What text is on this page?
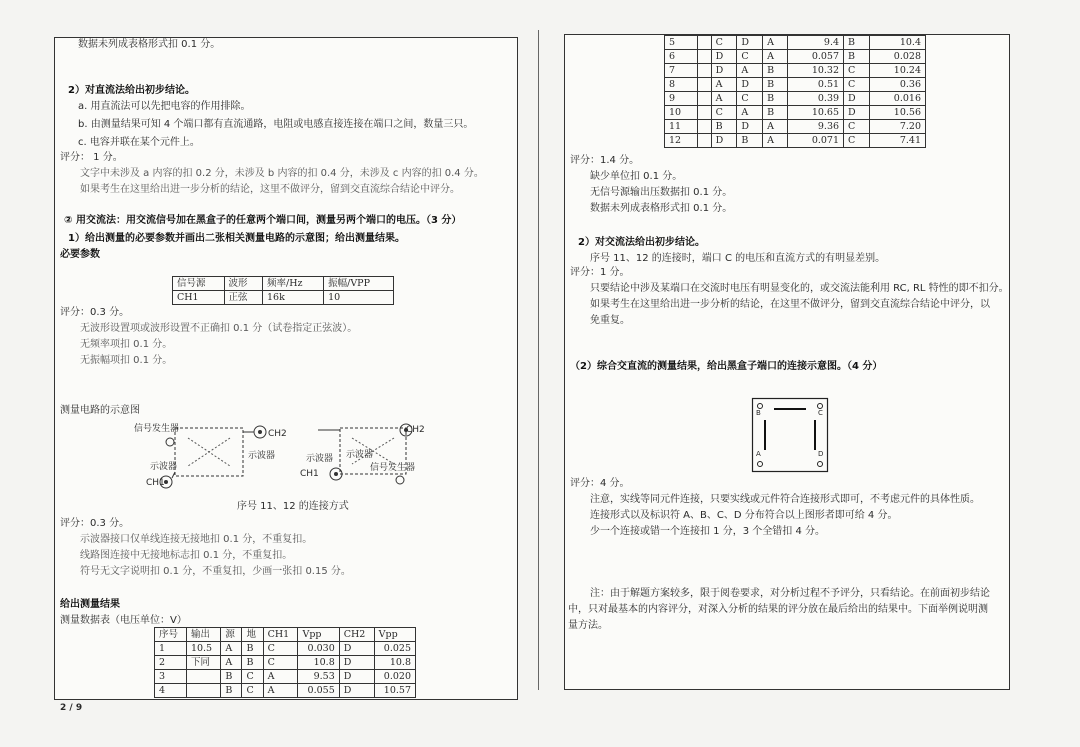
数据未列成表格形式扣 0.1 分。
2）对直流法给出初步结论。
a. 用直流法可以先把电容的作用排除。
b. 由测量结果可知 4 个端口都有直流通路，电阻或电感直接连接在端口之间，数量三只。
c. 电容并联在某个元件上。
评分： 1 分。
文字中未涉及 a 内容的扣 0.2 分，未涉及 b 内容的扣 0.4 分，未涉及 c 内容的扣 0.4 分。
如果考生在这里给出进一步分析的结论，这里不做评分，留到交直流综合结论中评分。
② 用交流法：用交流信号加在黑盒子的任意两个端口间，测量另两个端口的电压。（3 分）
1）给出测量的必要参数并画出二张相关测量电路的示意图；给出测量结果。
必要参数
信号源	波形	频率/Hz	振幅/VPP
CH1	正弦	16k	10
评分：0.3 分。
无波形设置项或波形设置不正确扣 0.1 分（试卷指定正弦波）。
无频率项扣 0.1 分。
无振幅项扣 0.1 分。
测量电路的示意图
信号发生器	CH2
示波器
示波器
CH1
CH2
示波器
信号发生器
示波器
CH1
序号 11、12 的连接方式
评分：0.3 分。
示波器接口仅单线连接无接地扣 0.1 分，不重复扣。
线路图连接中无接地标志扣 0.1 分，不重复扣。
符号无文字说明扣 0.1 分，不重复扣，少画一张扣 0.15 分。
给出测量结果
测量数据表（电压单位：V）
序号	输出	源	地	CH1	Vpp	CH2	Vpp
1	10.5	A	B	C	0.030	D	0.025
2	下同	A	B	C	10.8	D	10.8
3		B	C	A	9.53	D	0.020
4		B	C	A	0.055	D	10.57
2 / 9
5		C	D	A	9.4	B	10.4
6		D	C	A	0.057	B	0.028
7		D	A	B	10.32	C	10.24
8		A	D	B	0.51	C	0.36
9		A	C	B	0.39	D	0.016
10		C	A	B	10.65	D	10.56
11		B	D	A	9.36	C	7.20
12		D	B	A	0.071	C	7.41
评分：1.4 分。
缺少单位扣 0.1 分。
无信号源输出压数据扣 0.1 分。
数据未列成表格形式扣 0.1 分。
2）对交流法给出初步结论。
序号 11、12 的连接时，端口 C 的电压和直流方式的有明显差别。
评分：1 分。
只要结论中涉及某端口在交流时电压有明显变化的，或交流法能利用 RC, RL 特性的即不扣分。
如果考生在这里给出进一步分析的结论，在这里不做评分，留到交直流综合结论中评分，以
免重复。
（2）综合交直流的测量结果，给出黑盒子端口的连接示意图。（4 分）
B	C
A	D
评分：4 分。
注意，实线等同元件连接，只要实线或元件符合连接形式即可，不考虑元件的具体性质。
连接形式以及标识符 A、B、C、D 分布符合以上图形者即可给 4 分。
少一个连接或错一个连接扣 1 分，3 个全错扣 4 分。
注：由于解题方案较多，限于阅卷要求，对分析过程不予评分，只看结论。在前面初步结论
中，只对最基本的内容评分，对深入分析的结果的评分放在最后给出的结果中。下面举例说明测
量方法。
